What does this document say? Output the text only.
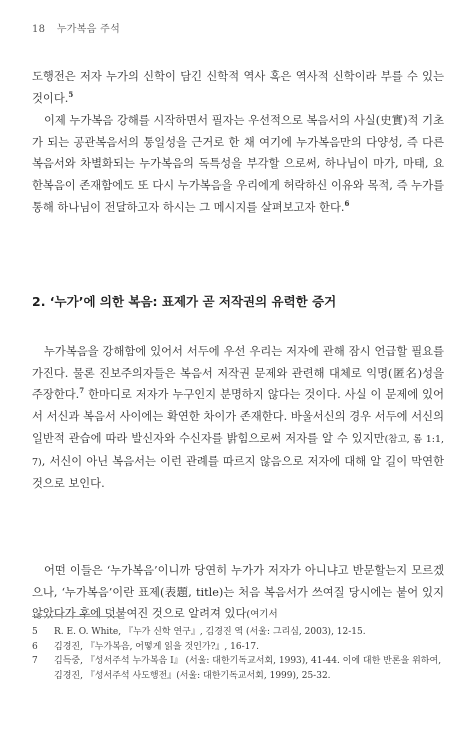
18 누가복음 주석
도행전은 저자 누가의 신학이 담긴 신학적 역사 혹은 역사적 신학이라 부를 수 있는 것이다.$^5$
이제 누가복음 강해를 시작하면서 필자는 우선적으로 복음서의 사실(史實)적 기초가 되는 공관복음서의 통일성을 근거로 한 채 여기에 누가복음만의 다양성, 즉 다른 복음서와 차별화되는 누가복음의 독특성을 부각할 으로써, 하나님이 마가, 마태, 요한복음이 존재함에도 또 다시 누가복음을 우리에게 허락하신 이유와 목적, 즉 누가를 통해 하나님이 전달하고자 하시는 그 메시지를 살펴보고자 한다.$^6$
2. ‘누가’에 의한 복음: 표제가 곧 저작권의 유력한 증거
누가복음을 강해함에 있어서 서두에 우선 우리는 저자에 관해 잠시 언급할 필요를 가진다. 물론 진보주의자들은 복음서 저작권 문제와 관련해 대체로 익명(匿名)성을 주장한다.$^7$ 한마디로 저자가 누구인지 분명하지 않다는 것이다. 사실 이 문제에 있어서 서신과 복음서 사이에는 확연한 차이가 존재한다. 바울서신의 경우 서두에 서신의 일반적 관습에 따라 발신자와 수신자를 밝힘으로써 저자를 알 수 있지만(참고, 롬 1:1, 7), 서신이 아닌 복음서는 이런 관례를 따르지 않음으로 저자에 대해 알 길이 막연한 것으로 보인다.
어떤 이들은 ‘누가복음’이니까 당연히 누가가 저자가 아니냐고 반문할는지 모르겠으나, ‘누가복음’이란 표제(表題, title)는 처음 복음서가 쓰여질 당시에는 붙어 있지 않았다가 후에 덧붙여진 것으로 알려져 있다(여기서
5	R. E. O. White, 『누가 신학 연구』, 김경진 역 (서울: 그리심, 2003), 12-15.
6	김경진, 『누가복음, 어떻게 읽을 것인가?』, 16-17.
7	김득중, 『성서주석 누가복음 I』 (서울: 대한기독교서회, 1993), 41-44. 이에 대한 반론을 위하여, 김경진, 『성서주석 사도행전』(서울: 대한기독교서회, 1999), 25-32.
